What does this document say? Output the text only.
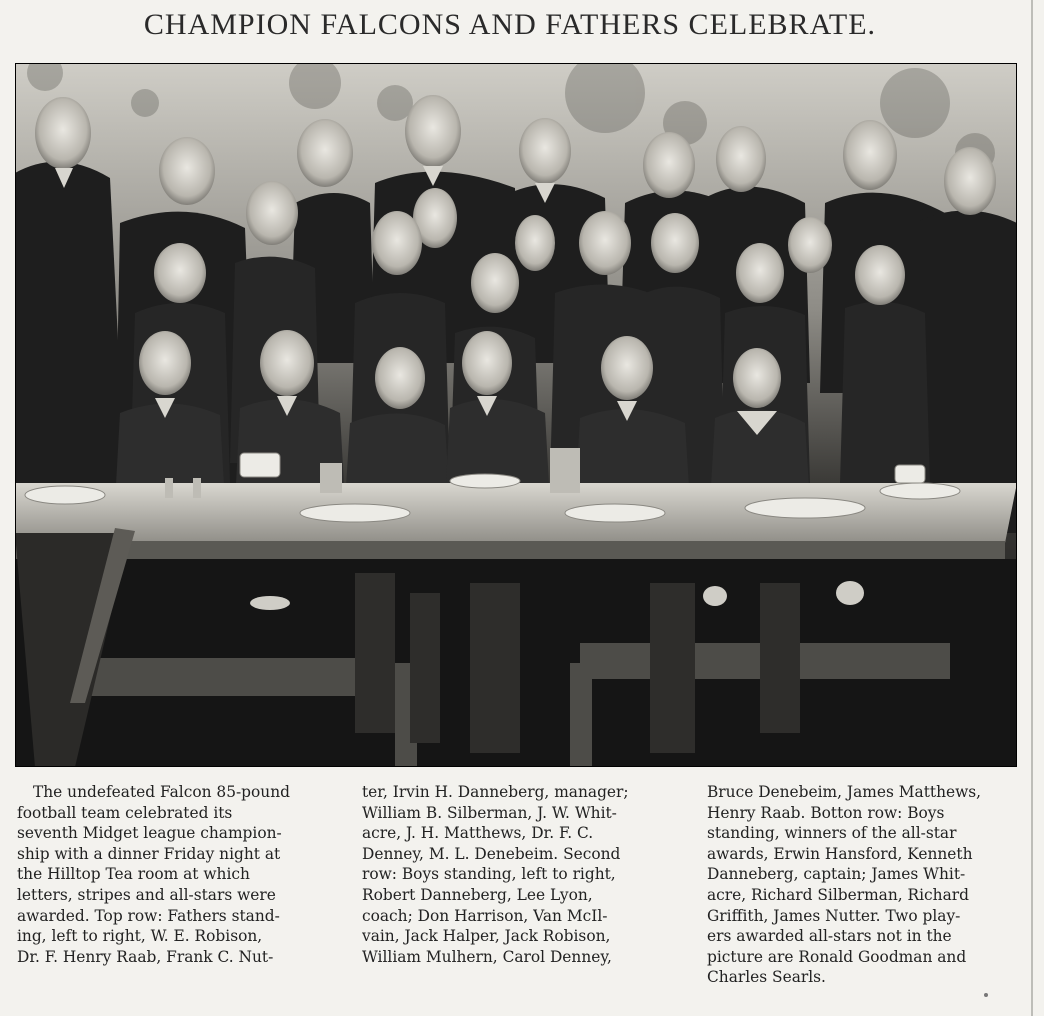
CHAMPION FALCONS AND FATHERS CELEBRATE.
The undefeated Falcon 85-pound
football team celebrated its
seventh Midget league champion-
ship with a dinner Friday night at
the Hilltop Tea room at which
letters, stripes and all-stars were
awarded. Top row: Fathers stand-
ing, left to right, W. E. Robison,
Dr. F. Henry Raab, Frank C. Nut-
ter, Irvin H. Danneberg, manager;
William B. Silberman, J. W. Whit-
acre, J. H. Matthews, Dr. F. C.
Denney, M. L. Denebeim. Second
row: Boys standing, left to right,
Robert Danneberg, Lee Lyon,
coach; Don Harrison, Van McIl-
vain, Jack Halper, Jack Robison,
William Mulhern, Carol Denney,
Bruce Denebeim, James Matthews,
Henry Raab. Botton row: Boys
standing, winners of the all-star
awards, Erwin Hansford, Kenneth
Danneberg, captain; James Whit-
acre, Richard Silberman, Richard
Griffith, James Nutter. Two play-
ers awarded all-stars not in the
picture are Ronald Goodman and
Charles Searls.
